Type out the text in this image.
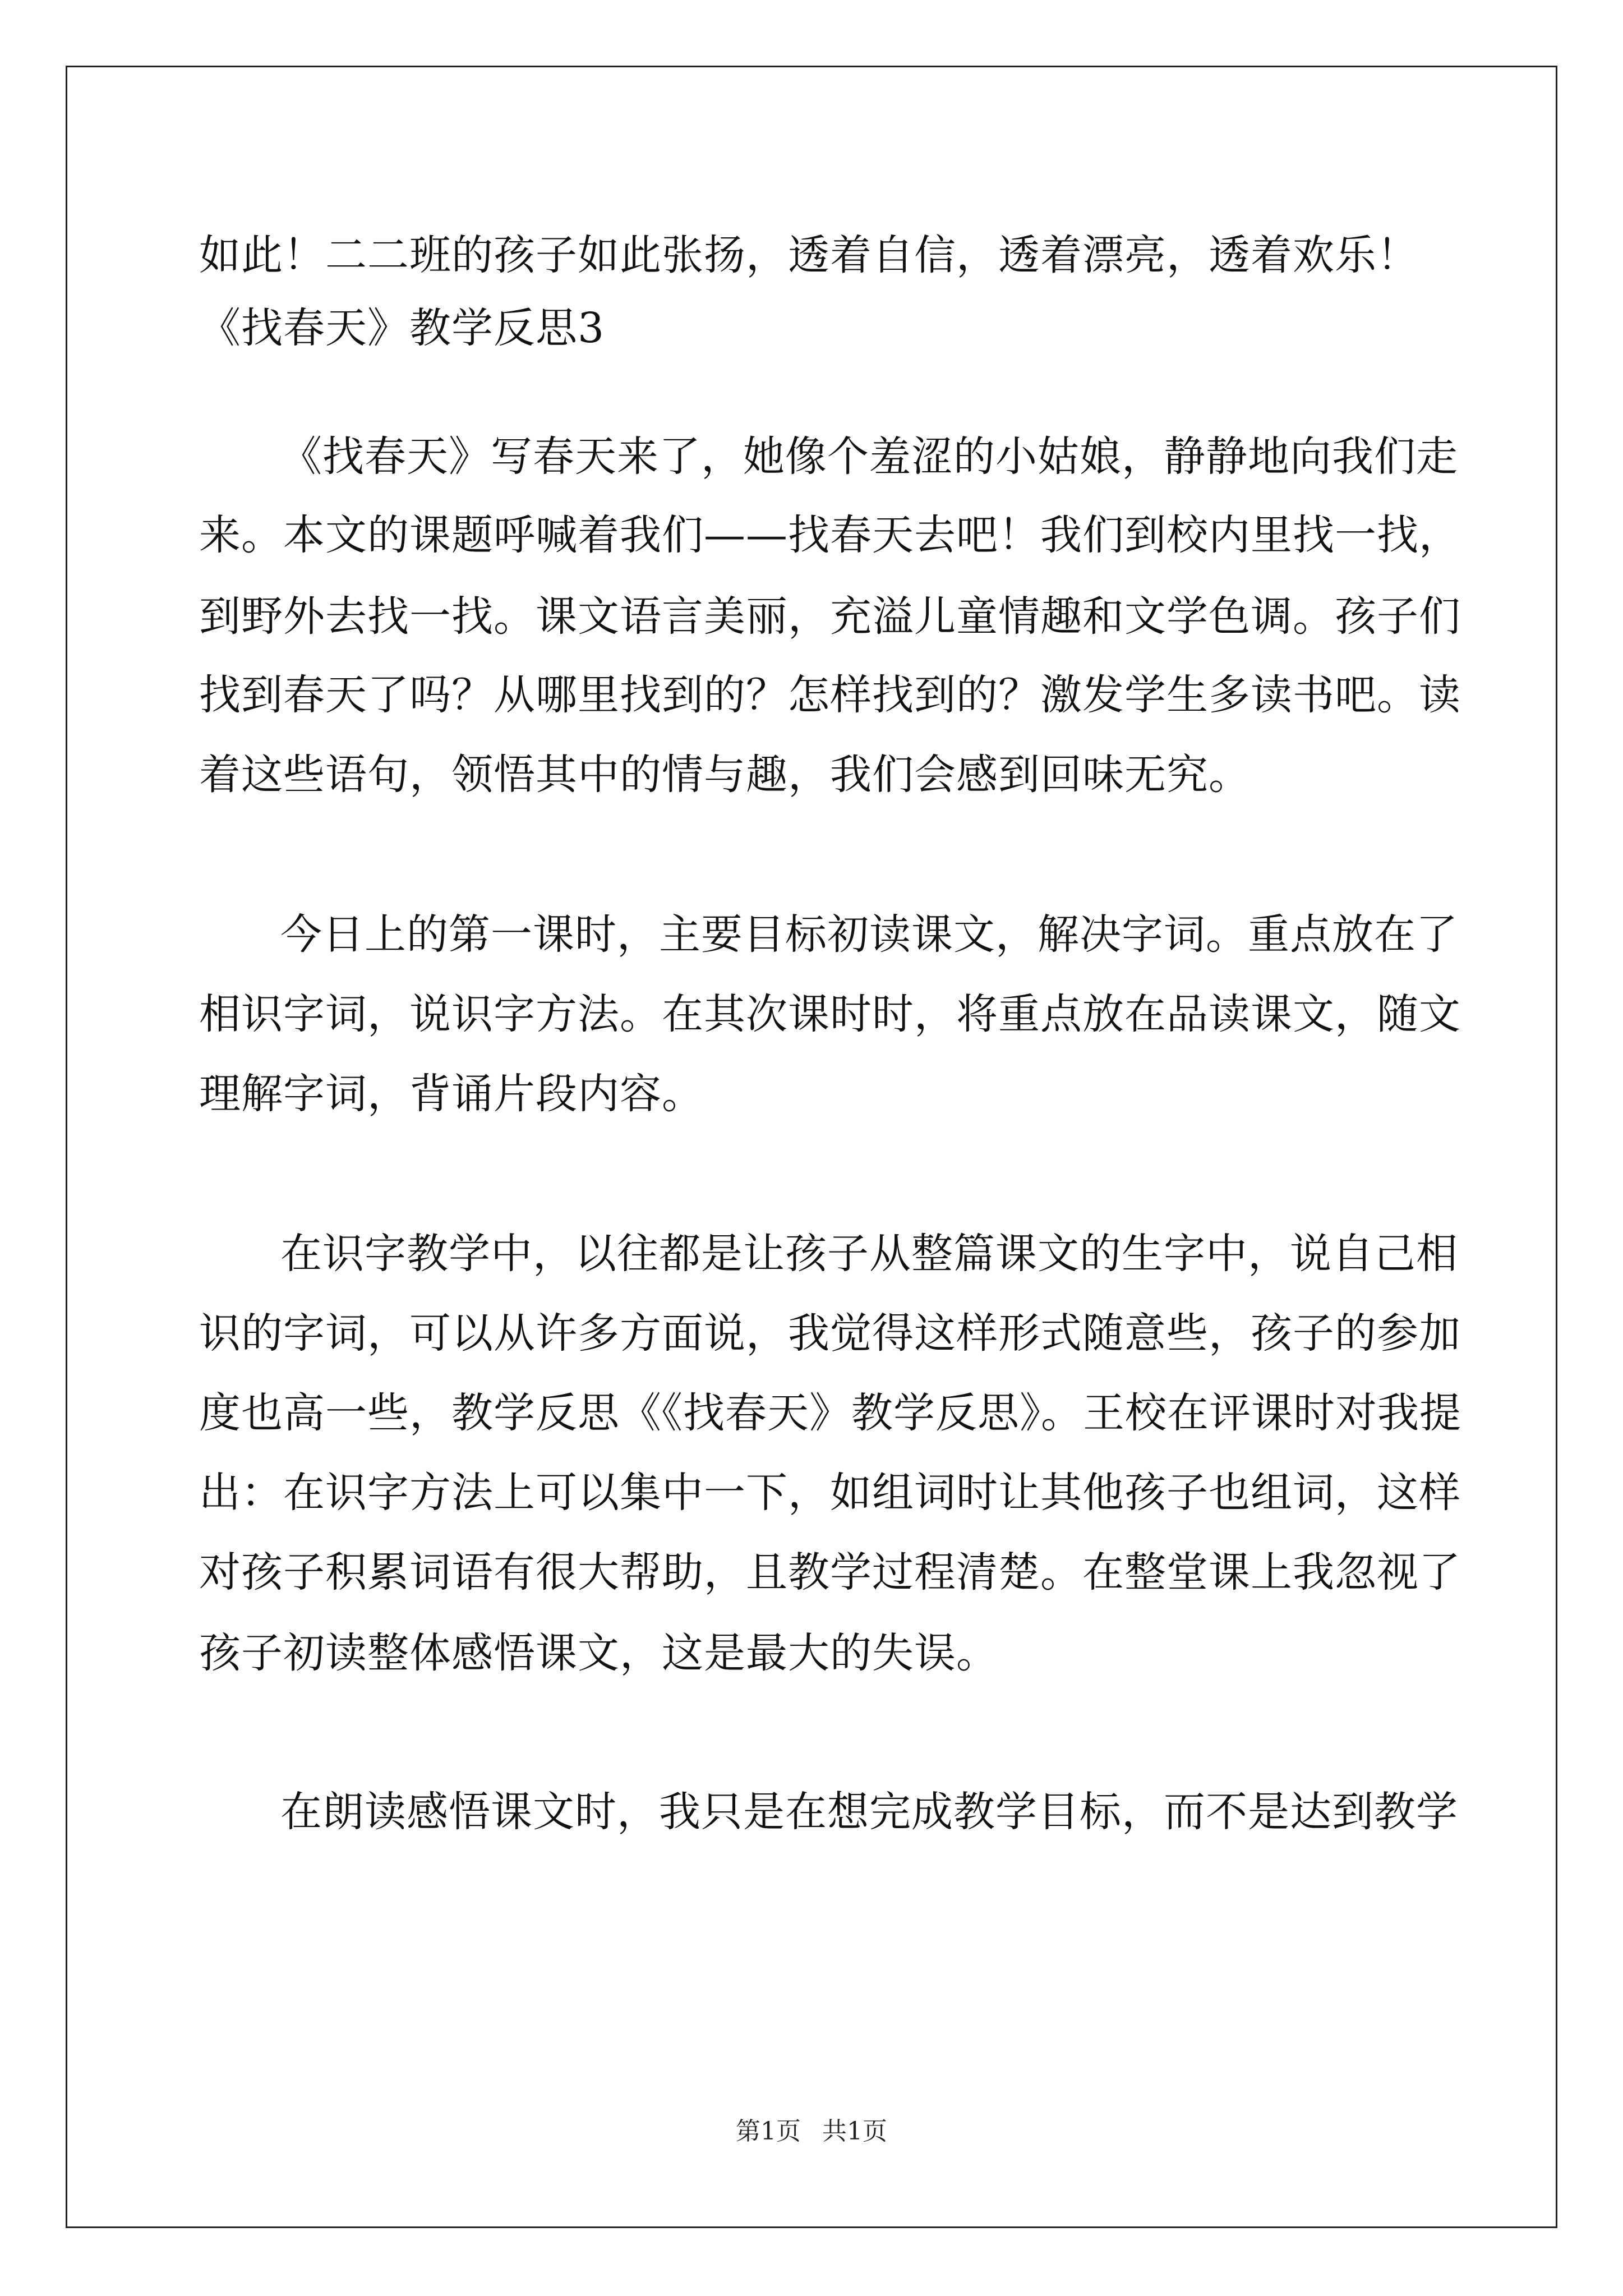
如此！二二班的孩子如此张扬，透着自信，透着漂亮，透着欢乐！
《找春天》教学反思3
《找春天》写春天来了，她像个羞涩的小姑娘，静静地向我们走
来。本文的课题呼喊着我们——找春天去吧！我们到校内里找一找，
到野外去找一找。课文语言美丽，充溢儿童情趣和文学色调。孩子们
找到春天了吗？从哪里找到的？怎样找到的？激发学生多读书吧。读
着这些语句，领悟其中的情与趣，我们会感到回味无究。
今日上的第一课时，主要目标初读课文，解决字词。重点放在了
相识字词，说识字方法。在其次课时时，将重点放在品读课文，随文
理解字词，背诵片段内容。
在识字教学中，以往都是让孩子从整篇课文的生字中，说自己相
识的字词，可以从许多方面说，我觉得这样形式随意些，孩子的参加
度也高一些，教学反思《《找春天》教学反思》。王校在评课时对我提
出：在识字方法上可以集中一下，如组词时让其他孩子也组词，这样
对孩子积累词语有很大帮助，且教学过程清楚。在整堂课上我忽视了
孩子初读整体感悟课文，这是最大的失误。
在朗读感悟课文时，我只是在想完成教学目标，而不是达到教学
第1页 共1页
